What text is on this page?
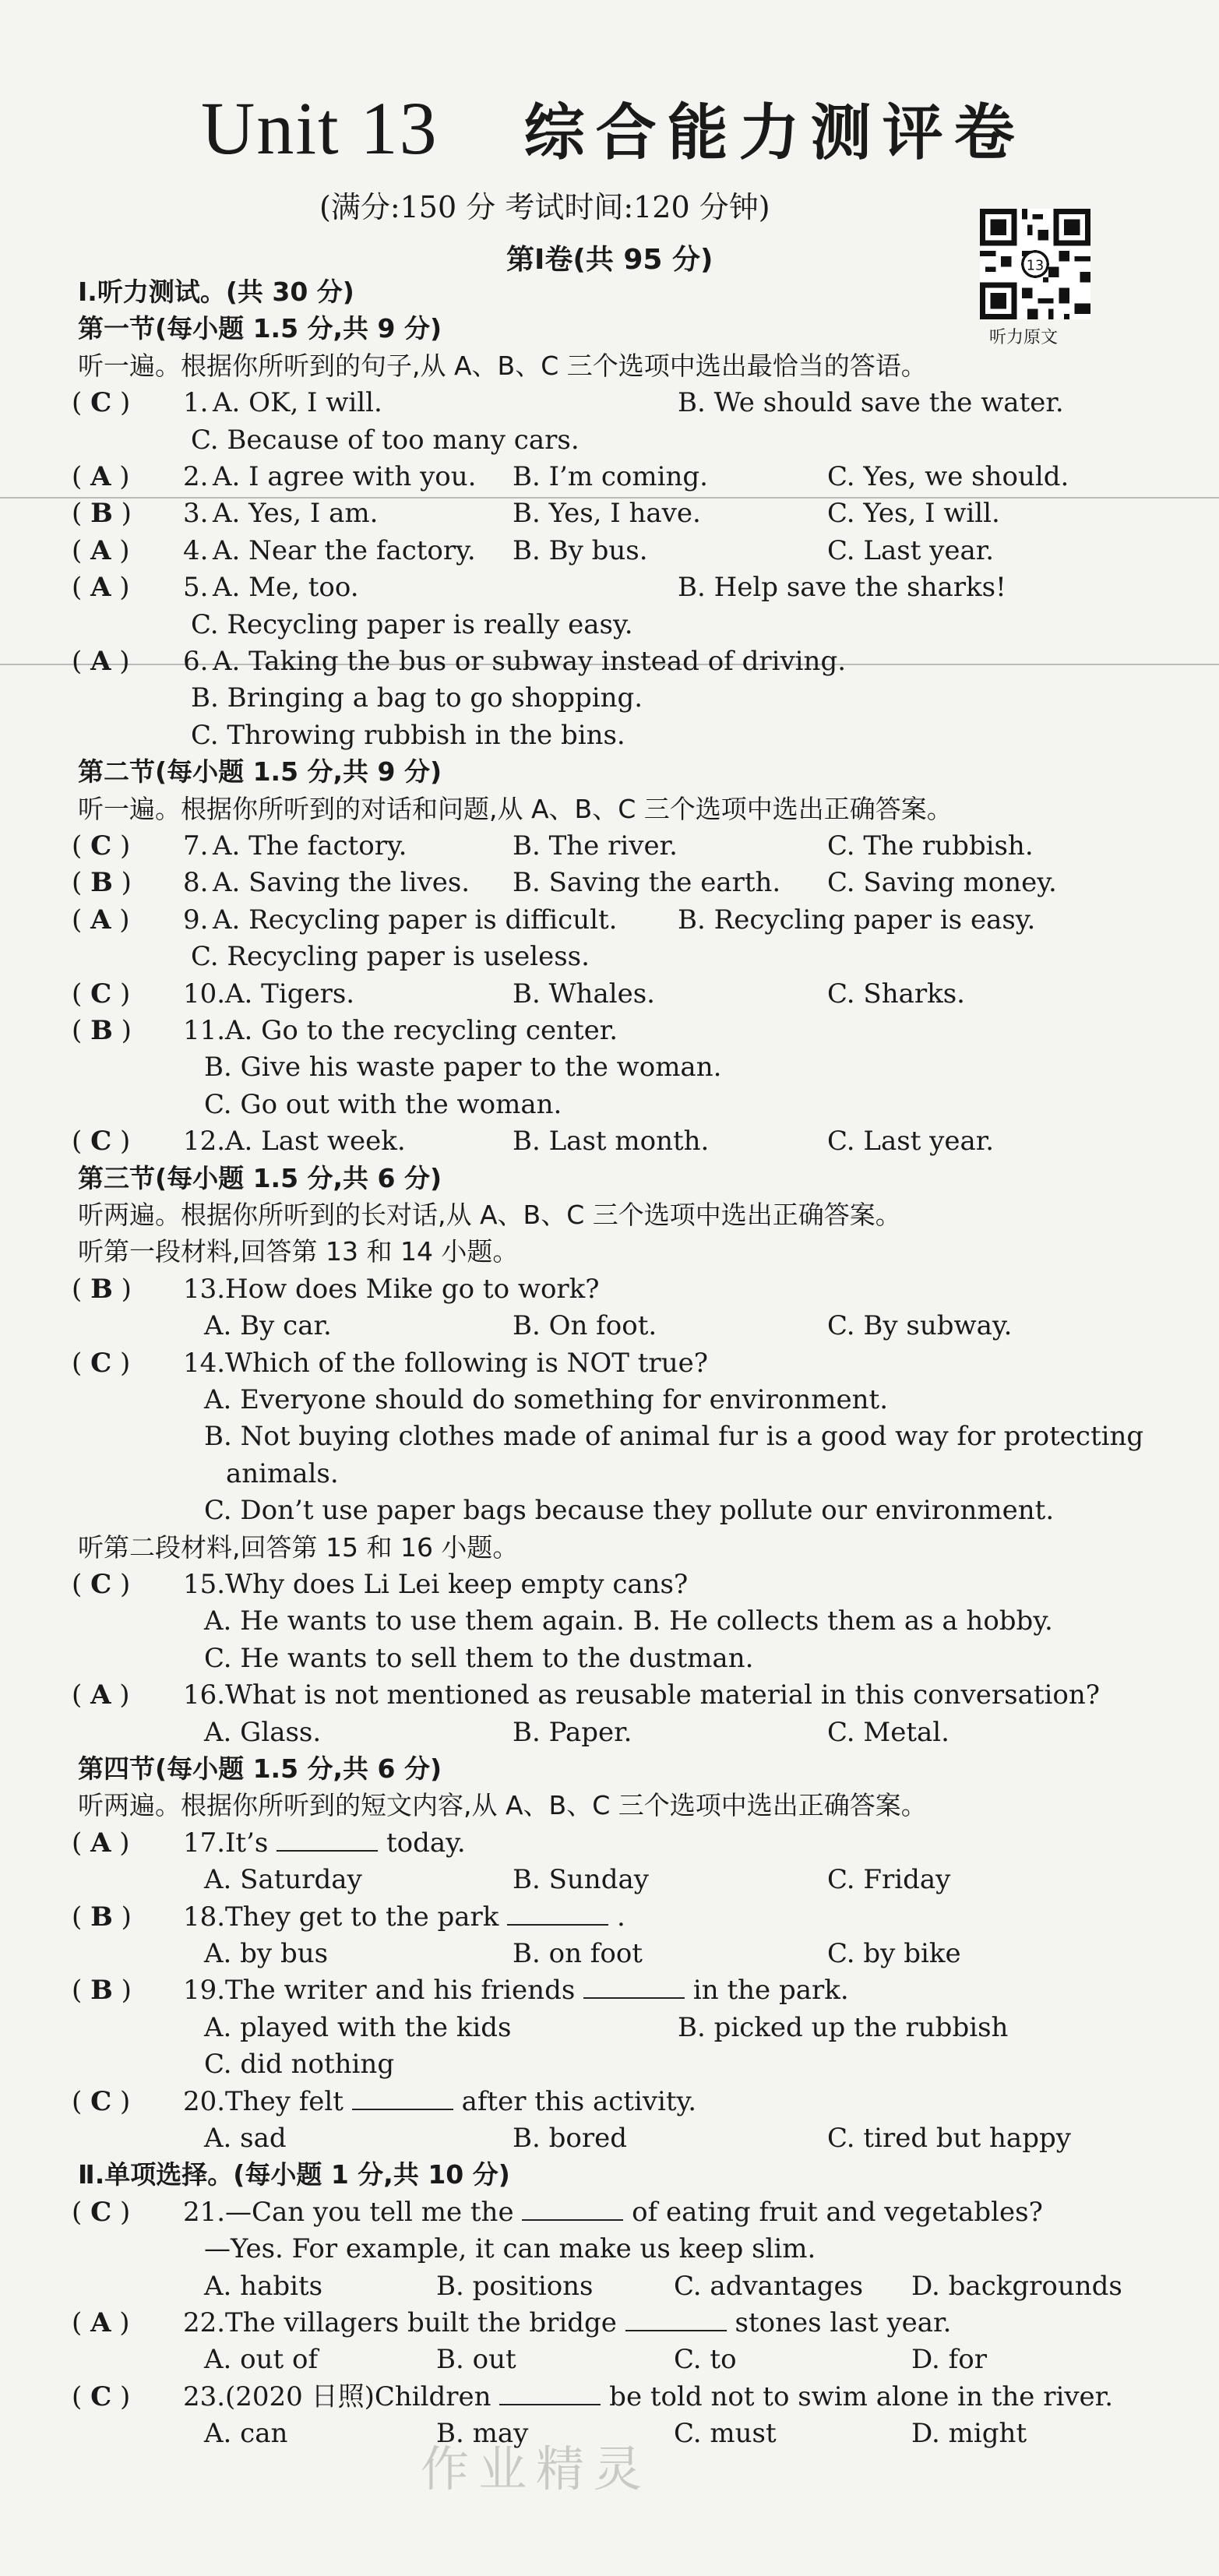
Unit 13 综合能力测评卷
(满分:150 分 考试时间:120 分钟)
第Ⅰ卷(共 95 分)	13
听力原文
Ⅰ.听力测试。(共 30 分)
第一节(每小题 1.5 分,共 9 分)
听一遍。根据你所听到的句子,从 A、B、C 三个选项中选出最恰当的答语。
( C ) 1. A. OK, I will.	B. We should save the water.
C. Because of too many cars.
( A ) 2. A. I agree with you. B. I’m coming.	C. Yes, we should.
( B ) 3. A. Yes, I am.	B. Yes, I have.	C. Yes, I will.
( A ) 4. A. Near the factory. B. By bus.	C. Last year.
( A ) 5. A. Me, too.	B. Help save the sharks!
C. Recycling paper is really easy.
( A ) 6. A. Taking the bus or subway instead of driving.
B. Bringing a bag to go shopping.
C. Throwing rubbish in the bins.
第二节(每小题 1.5 分,共 9 分)
听一遍。根据你所听到的对话和问题,从 A、B、C 三个选项中选出正确答案。
( C ) 7. A. The factory.	B. The river.	C. The rubbish.
( B ) 8. A. Saving the lives. B. Saving the earth. C. Saving money.
( A ) 9. A. Recycling paper is difficult. B. Recycling paper is easy.
C. Recycling paper is useless.
( C ) 10. A. Tigers.	B. Whales.	C. Sharks.
( B ) 11. A. Go to the recycling center.
B. Give his waste paper to the woman.
C. Go out with the woman.
( C ) 12. A. Last week.	B. Last month.	C. Last year.
第三节(每小题 1.5 分,共 6 分)
听两遍。根据你所听到的长对话,从 A、B、C 三个选项中选出正确答案。
听第一段材料,回答第 13 和 14 小题。
( B ) 13. How does Mike go to work?
A. By car.	B. On foot.	C. By subway.
( C ) 14. Which of the following is NOT true?
A. Everyone should do something for environment.
B. Not buying clothes made of animal fur is a good way for protecting
animals.
C. Don’t use paper bags because they pollute our environment.
听第二段材料,回答第 15 和 16 小题。
( C ) 15. Why does Li Lei keep empty cans?
A. He wants to use them again. B. He collects them as a hobby.
C. He wants to sell them to the dustman.
( A ) 16. What is not mentioned as reusable material in this conversation?
A. Glass.	B. Paper.	C. Metal.
第四节(每小题 1.5 分,共 6 分)
听两遍。根据你所听到的短文内容,从 A、B、C 三个选项中选出正确答案。
( A ) 17. It’s	today.
A. Saturday	B. Sunday	C. Friday
( B ) 18. They get to the park	.
A. by bus	B. on foot	C. by bike
( B ) 19. The writer and his friends	in the park.
A. played with the kids	B. picked up the rubbish
C. did nothing
( C ) 20. They felt	after this activity.
A. sad	B. bored	C. tired but happy
Ⅱ.单项选择。(每小题 1 分,共 10 分)
( C ) 21. —Can you tell me the	of eating fruit and vegetables?
—Yes. For example, it can make us keep slim.
A. habits	B. positions	C. advantages D. backgrounds
( A ) 22. The villagers built the bridge	stones last year.
A. out of	B. out	C. to	D. for
( C ) 23. (2020 日照)Children	be told not to swim alone in the river.
A. can	B. may	C. must	D. might
作业精灵
